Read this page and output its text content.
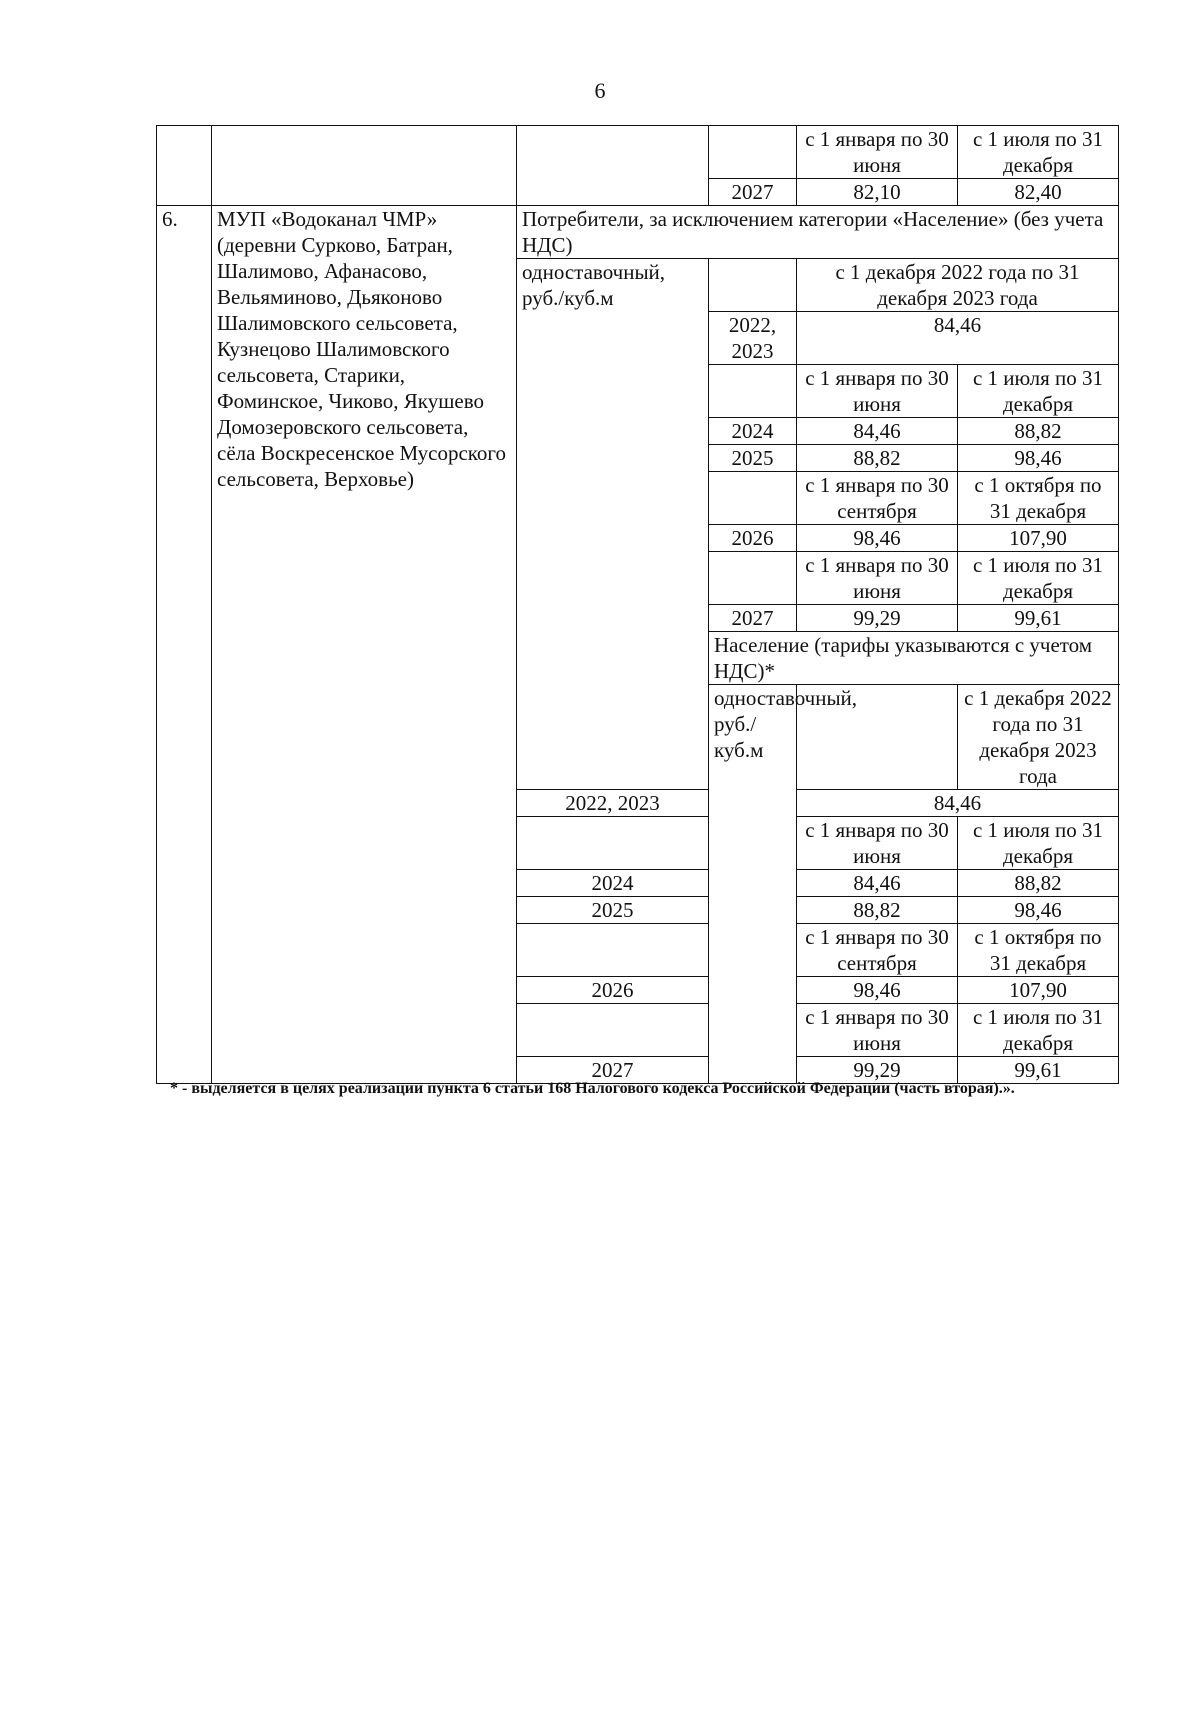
6
				с 1 января по 30 июня	с 1 июля по 31 декабря
			2027	82,10	82,40
6.	МУП «Водоканал ЧМР» (деревни Сурково, Батран, Шалимово, Афанасово, Вельяминово, Дьяконово Шалимовского сельсовета, Кузнецово Шалимовского сельсовета, Старики, Фоминское, Чиково, Якушево Домозеровского сельсовета, сёла Воскресенское Мусорского сельсовета, Верховье)	Потребители, за исключением категории «Население» (без учета НДС)			
		одноставочный, руб./куб.м		с 1 декабря 2022 года по 31 декабря 2023 года	
			2022, 2023	84,46	
				с 1 января по 30 июня	с 1 июля по 31 декабря
			2024	84,46	88,82
			2025	88,82	98,46
				с 1 января по 30 сентября	с 1 октября по 31 декабря
			2026	98,46	107,90
				с 1 января по 30 июня	с 1 июля по 31 декабря
			2027	99,29	99,61
			Население (тарифы указываются с учетом НДС)*		
			одноставочный, руб./куб.м		с 1 декабря 2022 года по 31 декабря 2023 года
		2022, 2023		84,46	
				с 1 января по 30 июня	с 1 июля по 31 декабря
		2024		84,46	88,82
		2025		88,82	98,46
				с 1 января по 30 сентября	с 1 октября по 31 декабря
		2026		98,46	107,90
				с 1 января по 30 июня	с 1 июля по 31 декабря
		2027		99,29	99,61
* - выделяется в целях реализации пункта 6 статьи 168 Налогового кодекса Российской Федерации (часть вторая).».
